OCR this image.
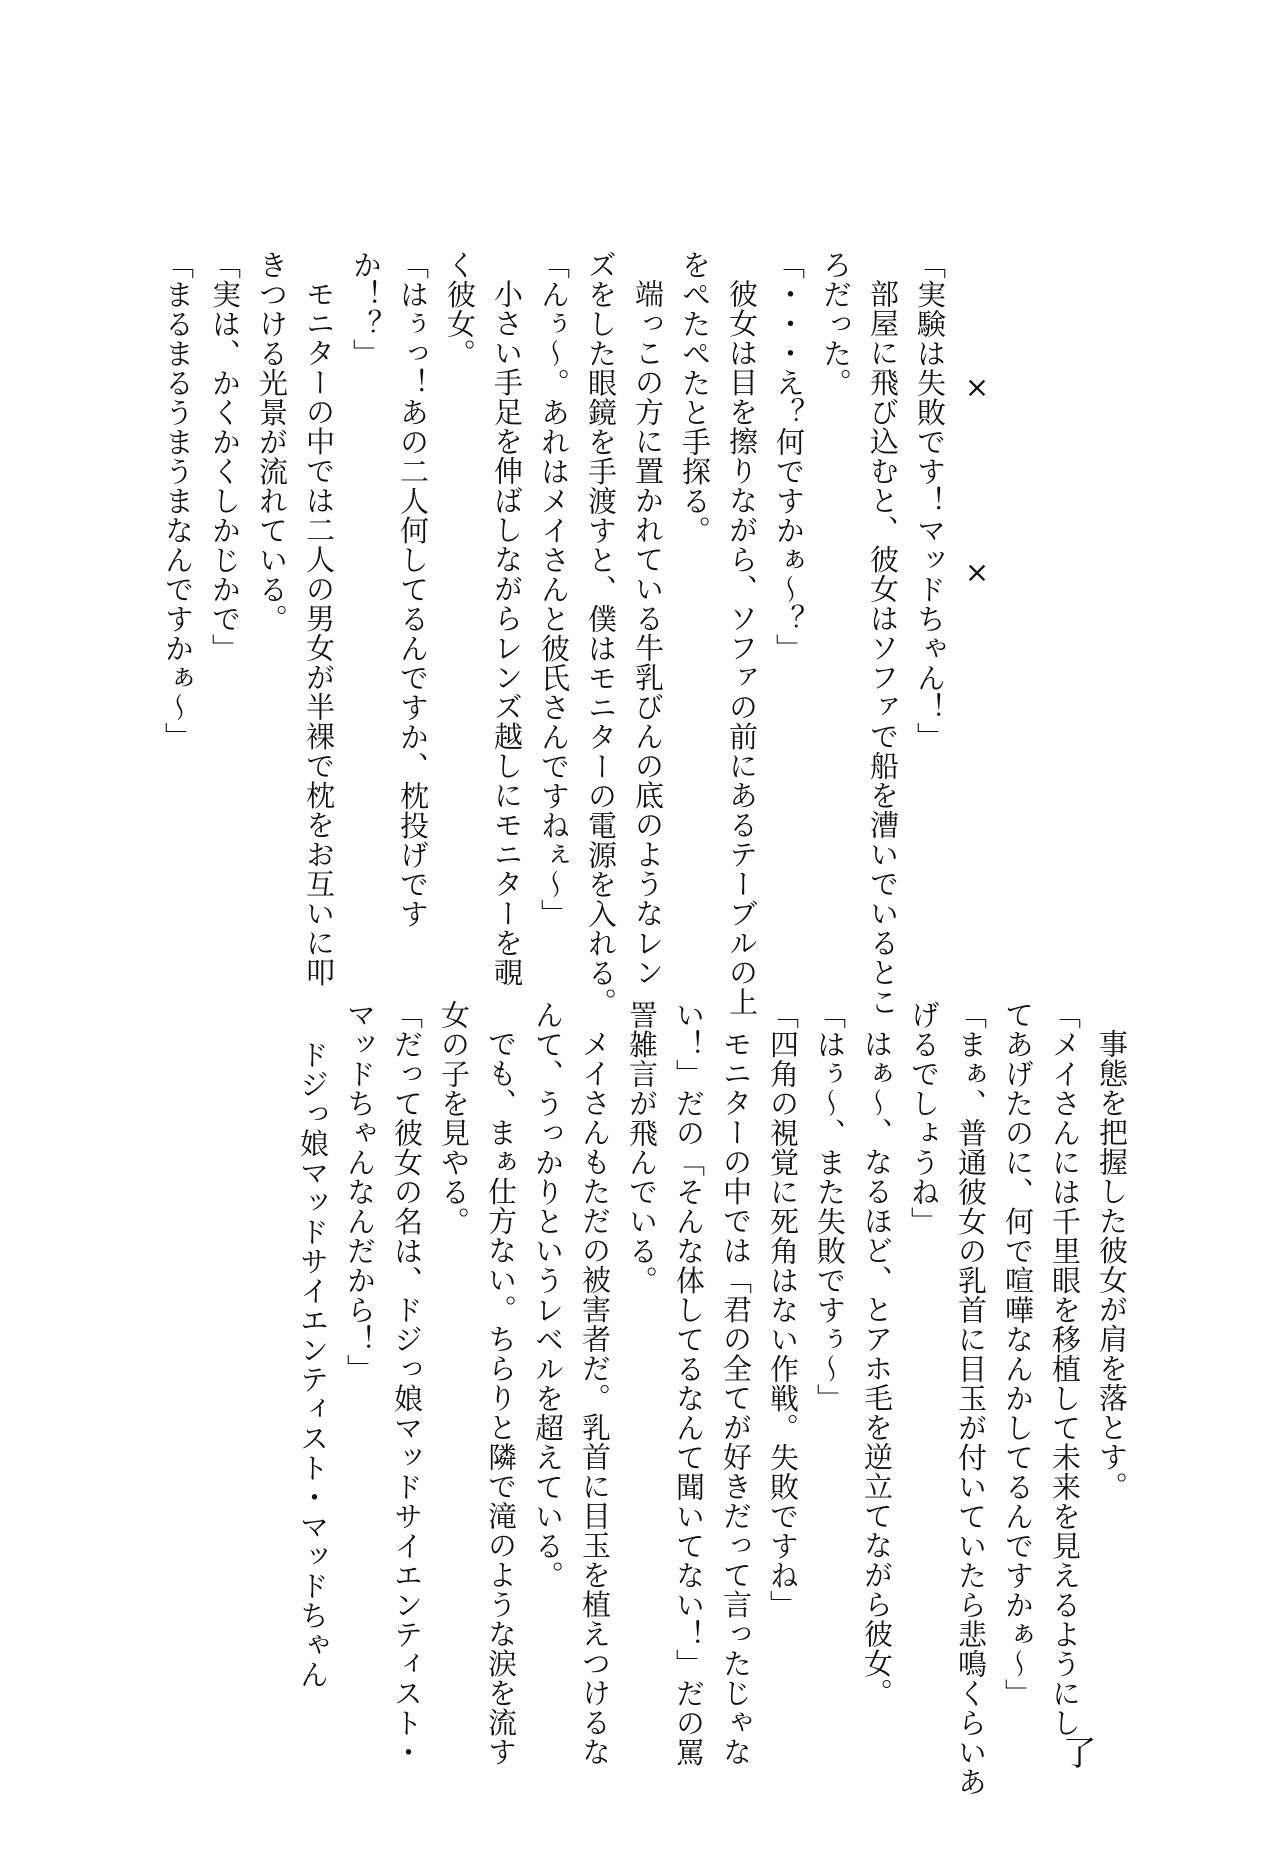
××
「実験は失敗です！マッドちゃん！」
部屋に飛び込むと、彼女はソファで船を漕いでいるとこ
ろだった。
「・・・え？何ですかぁ〜？」
彼女は目を擦りながら、ソファの前にあるテーブルの上
をぺたぺたと手探る。
端っこの方に置かれている牛乳びんの底のようなレン
ズをした眼鏡を手渡すと、僕はモニターの電源を入れる。
「んぅ〜。あれはメイさんと彼氏さんですねぇ〜」
小さい手足を伸ばしながらレンズ越しにモニターを覗
く彼女。
「はぅっ！あの二人何してるんですか、枕投げです
か！？」
モニターの中では二人の男女が半裸で枕をお互いに叩
きつける光景が流れている。
「実は、かくかくしかじかで」
「まるまるうまうまなんですかぁ〜」
事態を把握した彼女が肩を落とす。
「メイさんには千里眼を移植して未来を見えるようにし
てあげたのに、何で喧嘩なんかしてるんですかぁ〜」
「まぁ、普通彼女の乳首に目玉が付いていたら悲鳴くらいあ
げるでしょうね」
はぁ〜、なるほど、とアホ毛を逆立てながら彼女。
「はぅ〜、また失敗ですぅ〜」
「四角の視覚に死角はない作戦。失敗ですね」
モニターの中では「君の全てが好きだって言ったじゃな
い！」だの「そんな体してるなんて聞いてない！」だの罵
詈雑言が飛んでいる。
メイさんもただの被害者だ。乳首に目玉を植えつけるな
んて、うっかりというレベルを超えている。
でも、まぁ仕方ない。ちらりと隣で滝のような涙を流す
女の子を見やる。
「だって彼女の名は、ドジっ娘マッドサイエンティスト・
マッドちゃんなんだから！」
ドジっ娘マッドサイエンティスト・マッドちゃん
了
